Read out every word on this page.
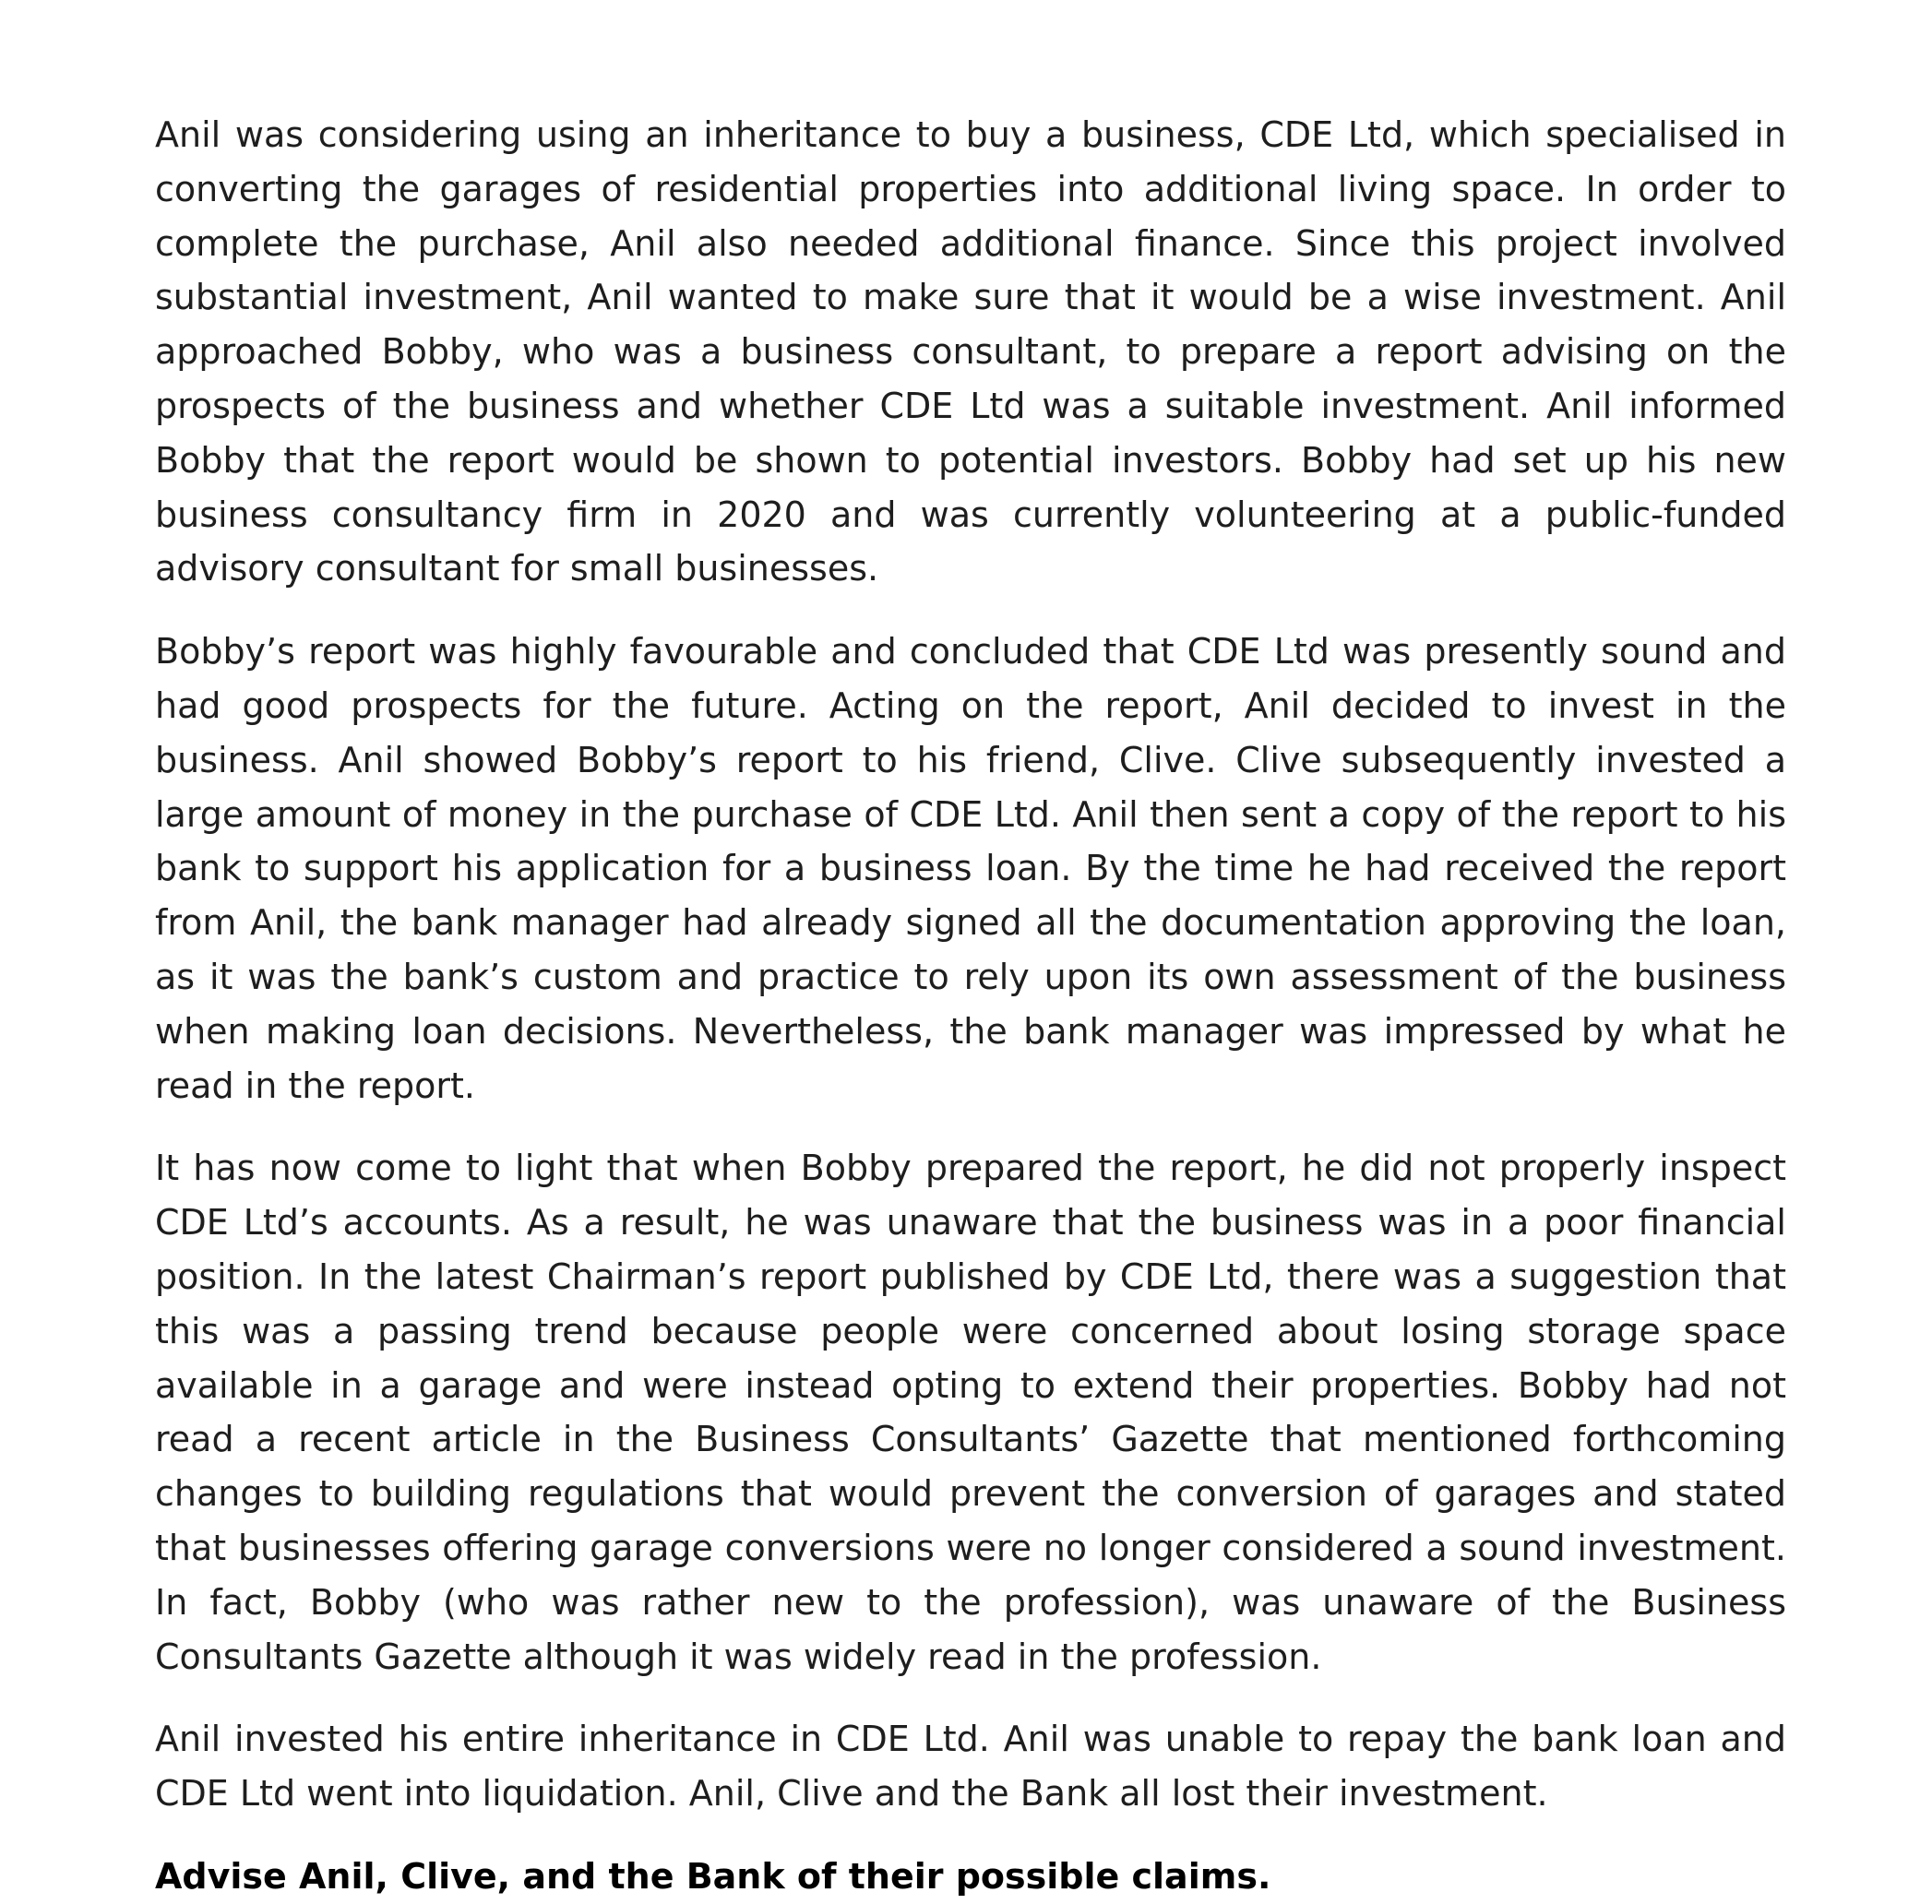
Anil was considering using an inheritance to buy a business, CDE Ltd, which specialised in converting the garages of residential properties into additional living space. In order to complete the purchase, Anil also needed additional finance. Since this project involved substantial investment, Anil wanted to make sure that it would be a wise investment. Anil approached Bobby, who was a business consultant, to prepare a report advising on the prospects of the business and whether CDE Ltd was a suitable investment. Anil informed Bobby that the report would be shown to potential investors. Bobby had set up his new business consultancy firm in 2020 and was currently volunteering at a public-funded advisory consultant for small businesses.

Bobby’s report was highly favourable and concluded that CDE Ltd was presently sound and had good prospects for the future. Acting on the report, Anil decided to invest in the business. Anil showed Bobby’s report to his friend, Clive. Clive subsequently invested a large amount of money in the purchase of CDE Ltd. Anil then sent a copy of the report to his bank to support his application for a business loan. By the time he had received the report from Anil, the bank manager had already signed all the documentation approving the loan, as it was the bank’s custom and practice to rely upon its own assessment of the business when making loan decisions. Nevertheless, the bank manager was impressed by what he read in the report.

It has now come to light that when Bobby prepared the report, he did not properly inspect CDE Ltd’s accounts. As a result, he was unaware that the business was in a poor financial position. In the latest Chairman’s report published by CDE Ltd, there was a suggestion that this was a passing trend because people were concerned about losing storage space available in a garage and were instead opting to extend their properties. Bobby had not read a recent article in the Business Consultants’ Gazette that mentioned forthcoming changes to building regulations that would prevent the conversion of garages and stated that businesses offering garage conversions were no longer considered a sound investment. In fact, Bobby (who was rather new to the profession), was unaware of the Business Consultants Gazette although it was widely read in the profession.

Anil invested his entire inheritance in CDE Ltd. Anil was unable to repay the bank loan and CDE Ltd went into liquidation. Anil, Clive and the Bank all lost their investment.

Advise Anil, Clive, and the Bank of their possible claims.
